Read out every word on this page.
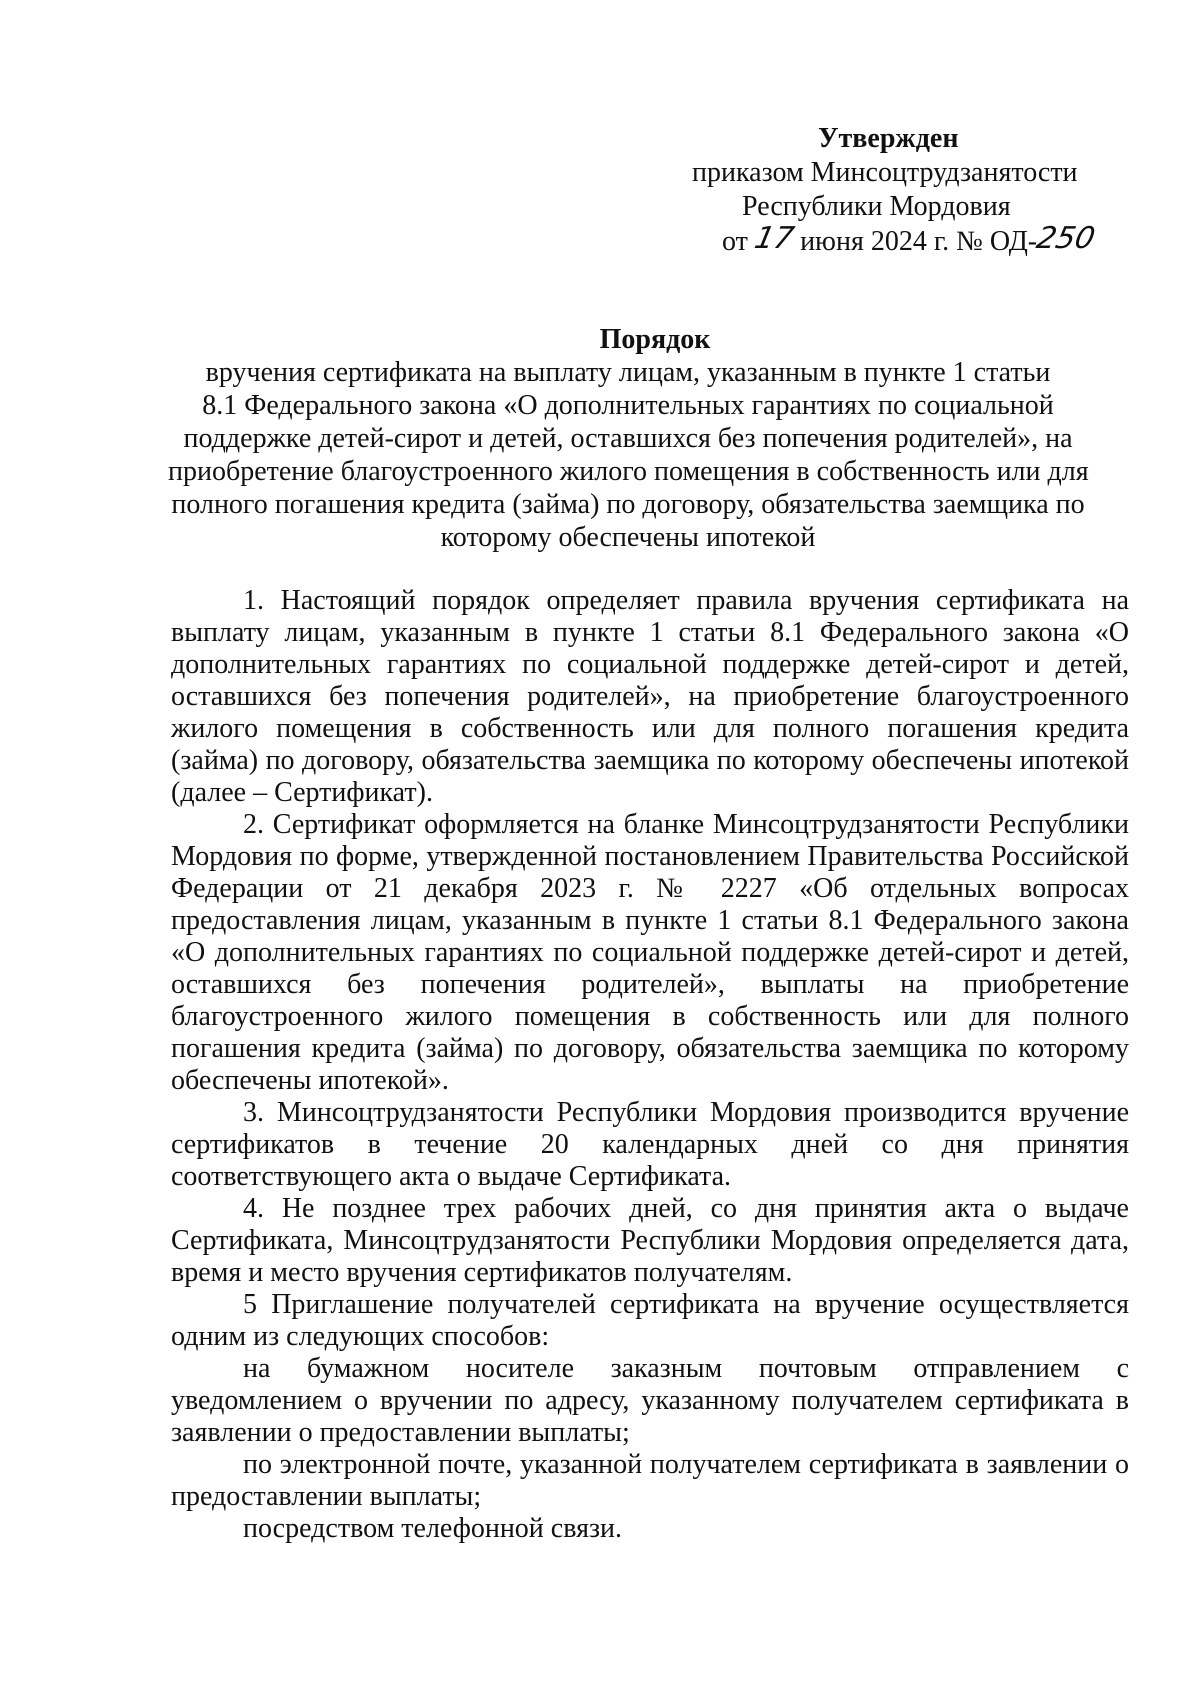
Утвержден
приказом Минсоцтрудзанятости
Республики Мордовия
от 17 июня 2024 г. № ОД-250
Порядок
вручения сертификата на выплату лицам, указанным в пункте 1 статьи
8.1 Федерального закона «О дополнительных гарантиях по социальной
поддержке детей-сирот и детей, оставшихся без попечения родителей», на
приобретение благоустроенного жилого помещения в собственность или для
полного погашения кредита (займа) по договору, обязательства заемщика по
которому обеспечены ипотекой

1. Настоящий порядок определяет правила вручения сертификата на выплату лицам, указанным в пункте 1 статьи 8.1 Федерального закона «О дополнительных гарантиях по социальной поддержке детей-сирот и детей, оставшихся без попечения родителей», на приобретение благоустроенного жилого помещения в собственность или для полного погашения кредита (займа) по договору, обязательства заемщика по которому обеспечены ипотекой (далее – Сертификат).

2. Сертификат оформляется на бланке Минсоцтрудзанятости Республики Мордовия по форме, утвержденной постановлением Правительства Российской Федерации от 21 декабря 2023 г. № 2227 «Об отдельных вопросах предоставления лицам, указанным в пункте 1 статьи 8.1 Федерального закона «О дополнительных гарантиях по социальной поддержке детей-сирот и детей, оставшихся без попечения родителей», выплаты на приобретение благоустроенного жилого помещения в собственность или для полного погашения кредита (займа) по договору, обязательства заемщика по которому обеспечены ипотекой».

3. Минсоцтрудзанятости Республики Мордовия производится вручение сертификатов в течение 20 календарных дней со дня принятия соответствующего акта о выдаче Сертификата.

4. Не позднее трех рабочих дней, со дня принятия акта о выдаче Сертификата, Минсоцтрудзанятости Республики Мордовия определяется дата, время и место вручения сертификатов получателям.

5 Приглашение получателей сертификата на вручение осуществляется одним из следующих способов:

на бумажном носителе заказным почтовым отправлением с уведомлением о вручении по адресу, указанному получателем сертификата в заявлении о предоставлении выплаты;

по электронной почте, указанной получателем сертификата в заявлении о предоставлении выплаты;

посредством телефонной связи.
